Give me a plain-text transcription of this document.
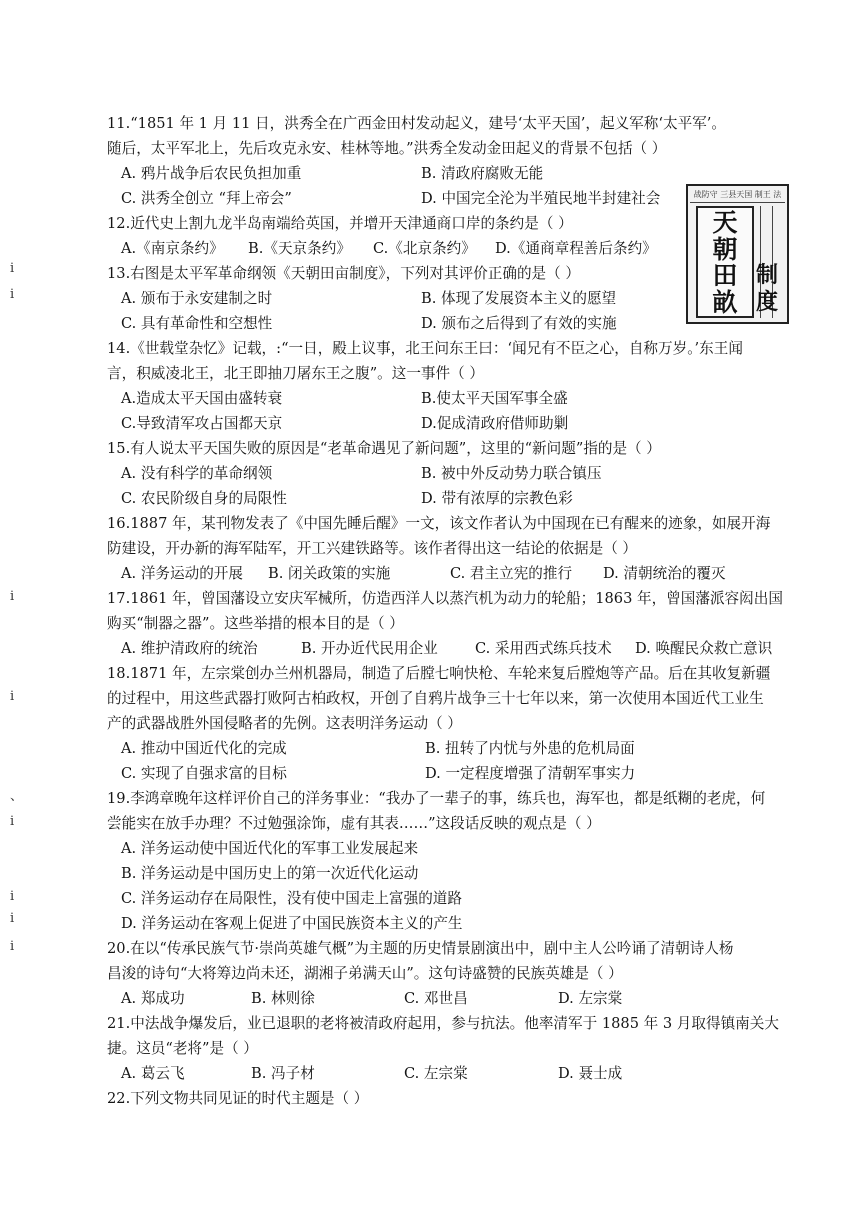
ⅰ
ⅰ
ⅰ
ⅰ
、
ⅰ
ⅰ
ⅰ
ⅰ
战防守 三县天国 制王 法
天
朝
田
畝
制
度
11.“1851 年 1 月 11 日，洪秀全在广西金田村发动起义，建号‘太平天国’，起义军称‘太平军’。
随后，太平军北上，先后攻克永安、桂林等地。”洪秀全发动金田起义的背景不包括（ ）
A. 鸦片战争后农民负担加重	B. 清政府腐败无能
C. 洪秀全创立 “拜上帝会”	D. 中国完全沦为半殖民地半封建社会
12.近代史上割九龙半岛南端给英国，并增开天津通商口岸的条约是（ ）
A.《南京条约》 B.《天京条约》 C.《北京条约》 D.《通商章程善后条约》
13.右图是太平军革命纲领《天朝田亩制度》，下列对其评价正确的是（ ）
A. 颁布于永安建制之时	B. 体现了发展资本主义的愿望
C. 具有革命性和空想性	D. 颁布之后得到了有效的实施
14.《世载堂杂忆》记载，:“一日，殿上议事，北王问东王曰：‘闻兄有不臣之心，自称万岁。’东王闻
言，积威凌北王，北王即抽刀屠东王之腹”。这一事件（ ）
A.造成太平天国由盛转衰	B.使太平天国军事全盛
C.导致清军攻占国都天京	D.促成清政府借师助剿
15.有人说太平天国失败的原因是“老革命遇见了新问题”，这里的“新问题”指的是（ ）
A. 没有科学的革命纲领	B. 被中外反动势力联合镇压
C. 农民阶级自身的局限性	D. 带有浓厚的宗教色彩
16.1887 年，某刊物发表了《中国先睡后醒》一文，该文作者认为中国现在已有醒来的迹象，如展开海
防建设，开办新的海军陆军，开工兴建铁路等。该作者得出这一结论的依据是（ ）
A. 洋务运动的开展 B. 闭关政策的实施	C. 君主立宪的推行 D. 清朝统治的覆灭
17.1861 年，曾国藩设立安庆军械所，仿造西洋人以蒸汽机为动力的轮船；1863 年，曾国藩派容闳出国
购买“制器之器”。这些举措的根本目的是（ ）
A. 维护清政府的统治	B. 开办近代民用企业	C. 采用西式练兵技术 D. 唤醒民众救亡意识
18.1871 年，左宗棠创办兰州机器局，制造了后膛七响快枪、车轮来复后膛炮等产品。后在其收复新疆
的过程中，用这些武器打败阿古柏政权，开创了自鸦片战争三十七年以来，第一次使用本国近代工业生
产的武器战胜外国侵略者的先例。这表明洋务运动（ ）
A. 推动中国近代化的完成	B. 扭转了内忧与外患的危机局面
C. 实现了自强求富的目标	D. 一定程度增强了清朝军事实力
19.李鸿章晚年这样评价自己的洋务事业：“我办了一辈子的事，练兵也，海军也，都是纸糊的老虎，何
尝能实在放手办理？不过勉强涂饰，虚有其表……”这段话反映的观点是（ ）
A. 洋务运动使中国近代化的军事工业发展起来
B. 洋务运动是中国历史上的第一次近代化运动
C. 洋务运动存在局限性，没有使中国走上富强的道路
D. 洋务运动在客观上促进了中国民族资本主义的产生
20.在以“传承民族气节·崇尚英雄气概”为主题的历史情景剧演出中，剧中主人公吟诵了清朝诗人杨
昌浚的诗句“大将筹边尚未还，湖湘子弟满天山”。这句诗盛赞的民族英雄是（ ）
A. 郑成功	B. 林则徐	C. 邓世昌	D. 左宗棠
21.中法战争爆发后，业已退职的老将被清政府起用，参与抗法。他率清军于 1885 年 3 月取得镇南关大
捷。这员“老将”是（ ）
A. 葛云飞	B. 冯子材	C. 左宗棠	D. 聂士成
22.下列文物共同见证的时代主题是（ ）
